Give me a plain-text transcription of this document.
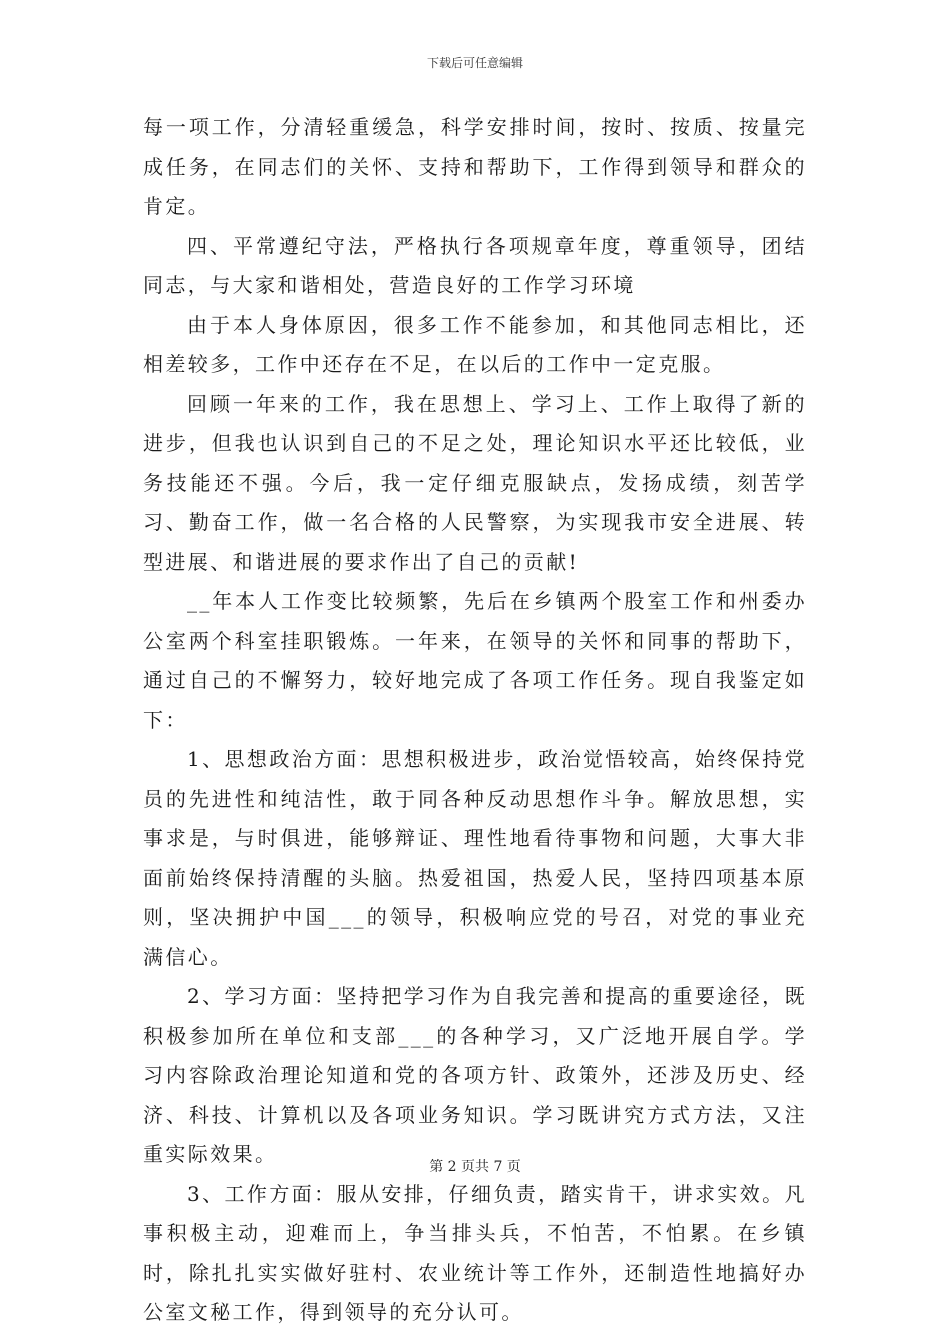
下载后可任意编辑

每一项工作，分清轻重缓急，科学安排时间，按时、按质、按量完成任务，在同志们的关怀、支持和帮助下，工作得到领导和群众的肯定。

四、平常遵纪守法，严格执行各项规章年度，尊重领导，团结同志，与大家和谐相处，营造良好的工作学习环境

由于本人身体原因，很多工作不能参加，和其他同志相比，还相差较多，工作中还存在不足，在以后的工作中一定克服。

回顾一年来的工作，我在思想上、学习上、工作上取得了新的进步，但我也认识到自己的不足之处，理论知识水平还比较低，业务技能还不强。今后，我一定仔细克服缺点，发扬成绩，刻苦学习、勤奋工作，做一名合格的人民警察，为实现我市安全进展、转型进展、和谐进展的要求作出了自己的贡献!

__年本人工作变比较频繁，先后在乡镇两个股室工作和州委办公室两个科室挂职锻炼。一年来，在领导的关怀和同事的帮助下，通过自己的不懈努力，较好地完成了各项工作任务。现自我鉴定如下：

1、思想政治方面：思想积极进步，政治觉悟较高，始终保持党员的先进性和纯洁性，敢于同各种反动思想作斗争。解放思想，实事求是，与时俱进，能够辩证、理性地看待事物和问题，大事大非面前始终保持清醒的头脑。热爱祖国，热爱人民，坚持四项基本原则，坚决拥护中国___的领导，积极响应党的号召，对党的事业充满信心。

2、学习方面：坚持把学习作为自我完善和提高的重要途径，既积极参加所在单位和支部___的各种学习，又广泛地开展自学。学习内容除政治理论知道和党的各项方针、政策外，还涉及历史、经济、科技、计算机以及各项业务知识。学习既讲究方式方法，又注重实际效果。

3、工作方面：服从安排，仔细负责，踏实肯干，讲求实效。凡事积极主动，迎难而上，争当排头兵，不怕苦，不怕累。在乡镇时，除扎扎实实做好驻村、农业统计等工作外，还制造性地搞好办公室文秘工作，得到领导的充分认可。

第 2 页共 7 页
